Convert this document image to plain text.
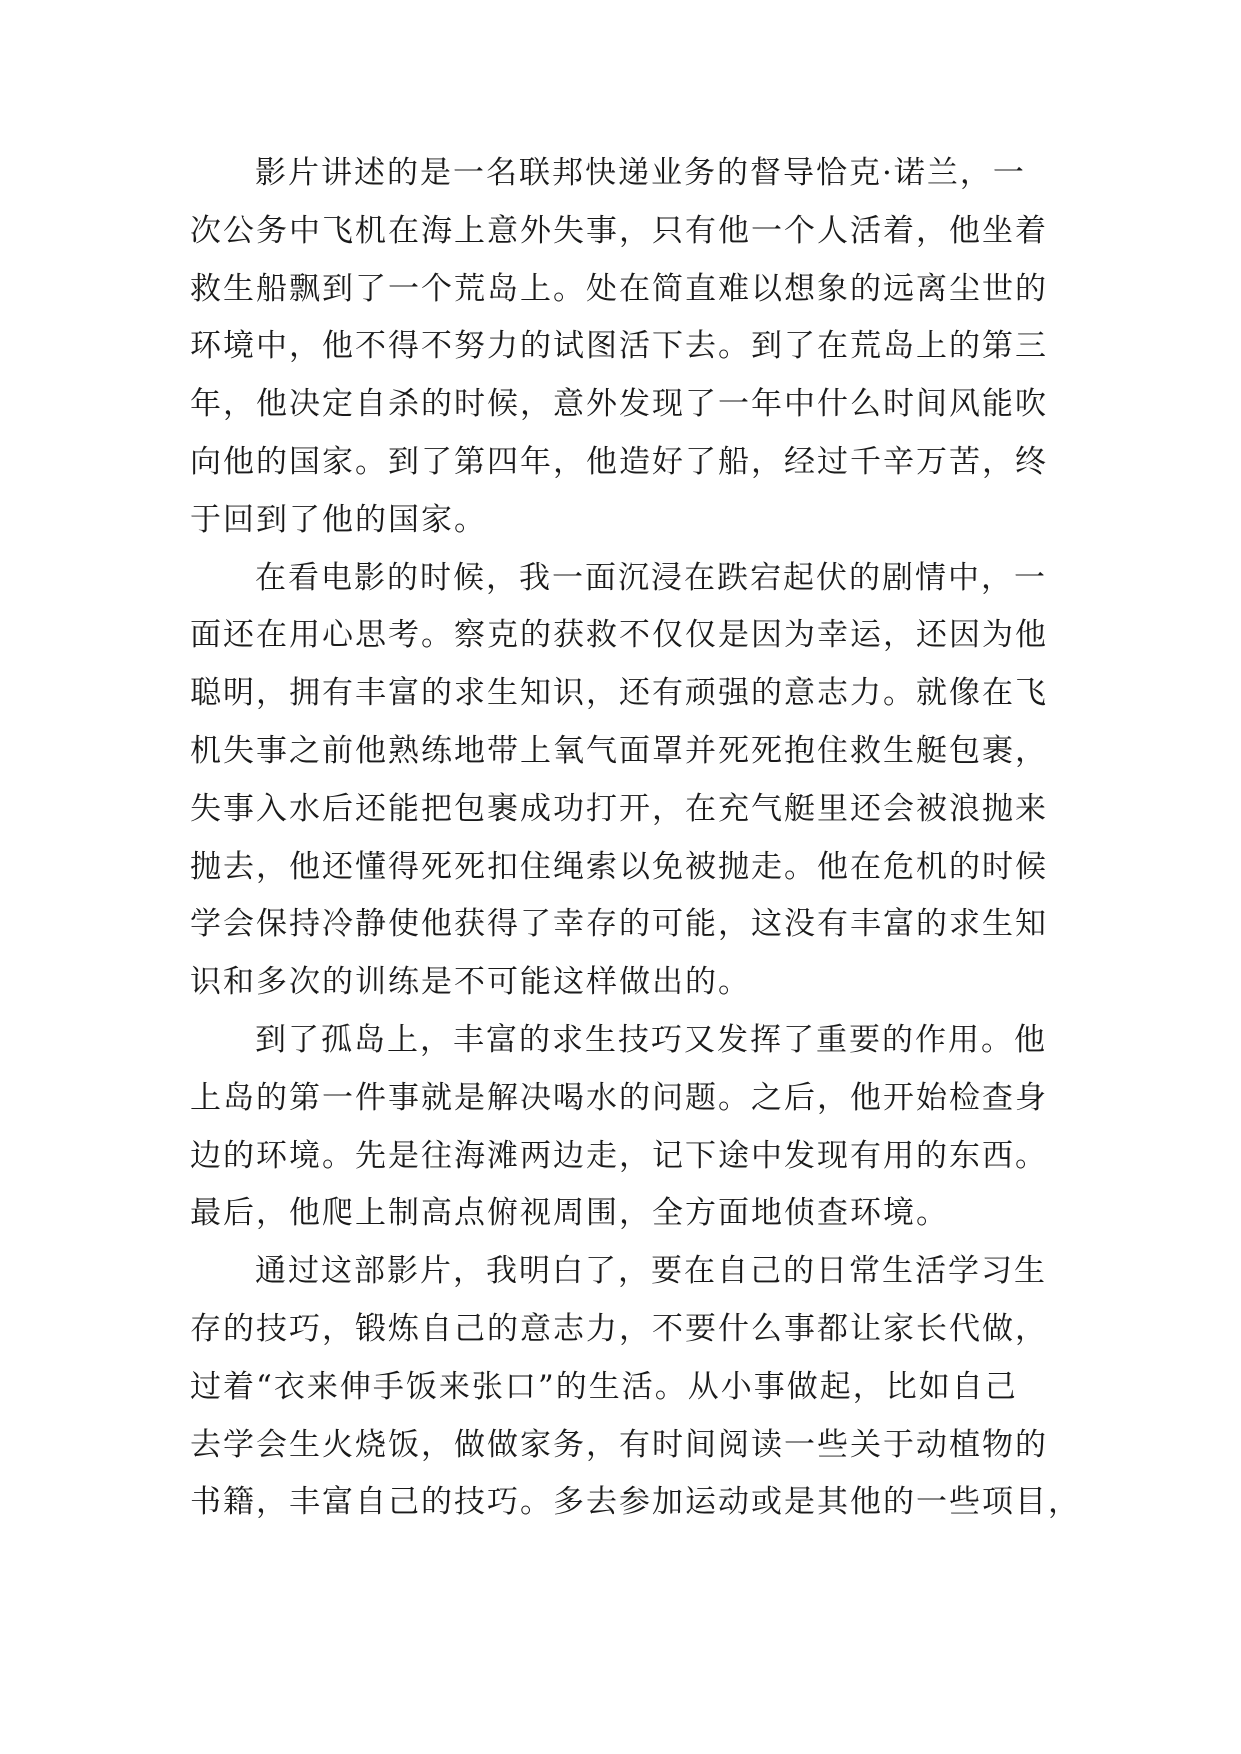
影片讲述的是一名联邦快递业务的督导恰克·诺兰，一
次公务中飞机在海上意外失事，只有他一个人活着，他坐着
救生船飘到了一个荒岛上。处在简直难以想象的远离尘世的
环境中，他不得不努力的试图活下去。到了在荒岛上的第三
年，他决定自杀的时候，意外发现了一年中什么时间风能吹
向他的国家。到了第四年，他造好了船，经过千辛万苦，终
于回到了他的国家。
在看电影的时候，我一面沉浸在跌宕起伏的剧情中，一
面还在用心思考。察克的获救不仅仅是因为幸运，还因为他
聪明，拥有丰富的求生知识，还有顽强的意志力。就像在飞
机失事之前他熟练地带上氧气面罩并死死抱住救生艇包裹，
失事入水后还能把包裹成功打开，在充气艇里还会被浪抛来
抛去，他还懂得死死扣住绳索以免被抛走。他在危机的时候
学会保持冷静使他获得了幸存的可能，这没有丰富的求生知
识和多次的训练是不可能这样做出的。
到了孤岛上，丰富的求生技巧又发挥了重要的作用。他
上岛的第一件事就是解决喝水的问题。之后，他开始检查身
边的环境。先是往海滩两边走，记下途中发现有用的东西。
最后，他爬上制高点俯视周围，全方面地侦查环境。
通过这部影片，我明白了，要在自己的日常生活学习生
存的技巧，锻炼自己的意志力，不要什么事都让家长代做，
过着“衣来伸手饭来张口”的生活。从小事做起，比如自己
去学会生火烧饭，做做家务，有时间阅读一些关于动植物的
书籍，丰富自己的技巧。多去参加运动或是其他的一些项目，
